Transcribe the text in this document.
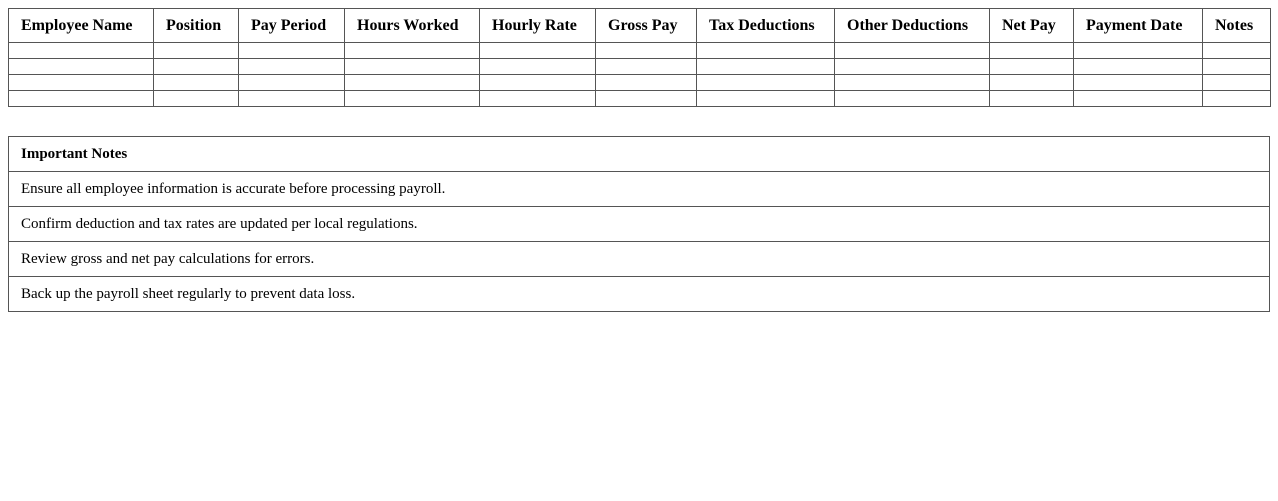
Employee Name	Position	Pay Period	Hours Worked	Hourly Rate	Gross Pay	Tax Deductions	Other Deductions	Net Pay	Payment Date	Notes

Important Notes
Ensure all employee information is accurate before processing payroll.
Confirm deduction and tax rates are updated per local regulations.
Review gross and net pay calculations for errors.
Back up the payroll sheet regularly to prevent data loss.
